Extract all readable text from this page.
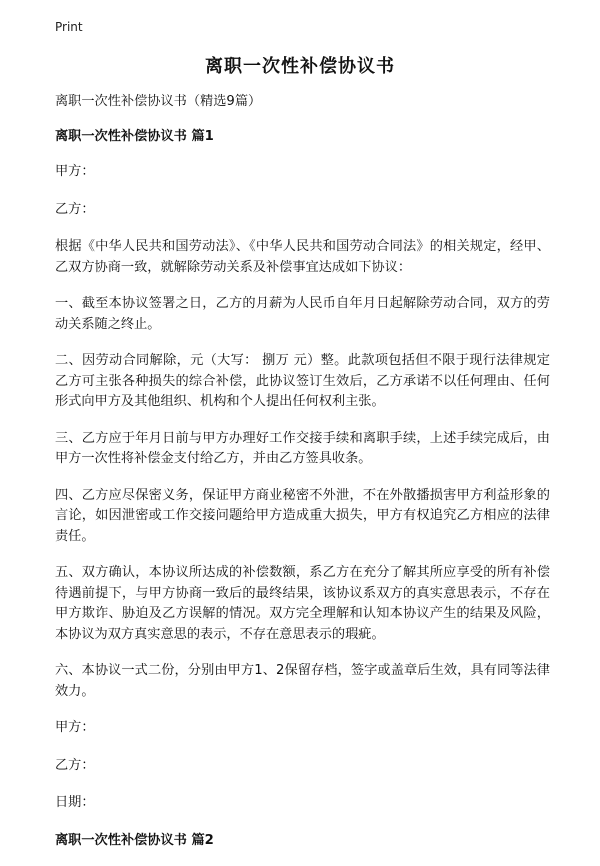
Print
离职一次性补偿协议书

离职一次性补偿协议书（精选9篇）

离职一次性补偿协议书 篇1

甲方：

乙方：

根据《中华人民共和国劳动法》、《中华人民共和国劳动合同法》的相关规定，经甲、乙双方协商一致，就解除劳动关系及补偿事宜达成如下协议：

一、截至本协议签署之日，乙方的月薪为人民币自年月日起解除劳动合同，双方的劳动关系随之终止。

二、因劳动合同解除，元（大写： 捌万 元）整。此款项包括但不限于现行法律规定乙方可主张各种损失的综合补偿，此协议签订生效后，乙方承诺不以任何理由、任何形式向甲方及其他组织、机构和个人提出任何权利主张。

三、乙方应于年月日前与甲方办理好工作交接手续和离职手续，上述手续完成后，由甲方一次性将补偿金支付给乙方，并由乙方签具收条。

四、乙方应尽保密义务，保证甲方商业秘密不外泄，不在外散播损害甲方利益形象的言论，如因泄密或工作交接问题给甲方造成重大损失，甲方有权追究乙方相应的法律责任。

五、双方确认，本协议所达成的补偿数额，系乙方在充分了解其所应享受的所有补偿待遇前提下，与甲方协商一致后的最终结果，该协议系双方的真实意思表示，不存在甲方欺诈、胁迫及乙方误解的情况。双方完全理解和认知本协议产生的结果及风险，本协议为双方真实意思的表示，不存在意思表示的瑕疵。

六、本协议一式二份，分别由甲方1、2保留存档，签字或盖章后生效，具有同等法律效力。

甲方：

乙方：

日期：

离职一次性补偿协议书 篇2
